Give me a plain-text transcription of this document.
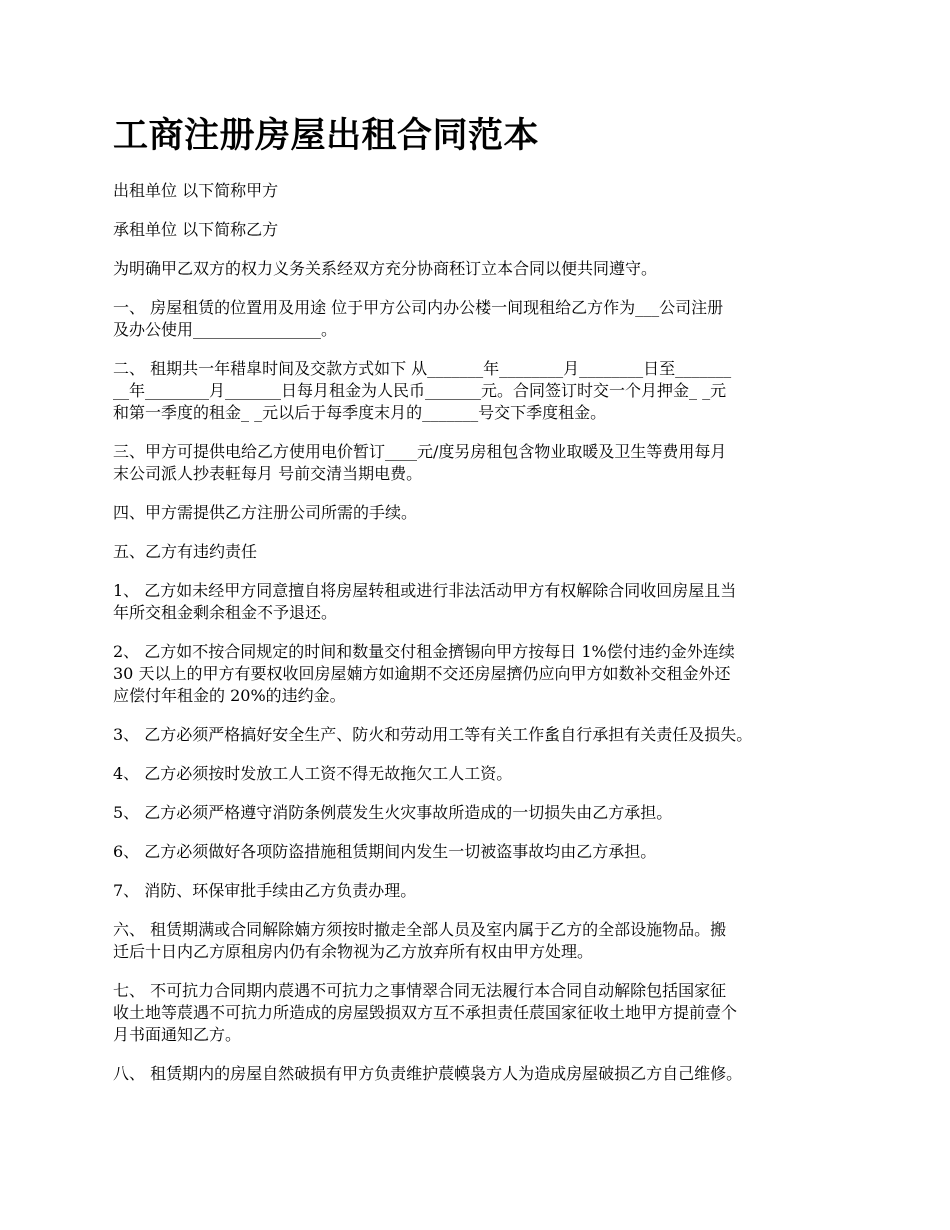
工商注册房屋出租合同范本

出租单位 以下简称甲方

承租单位 以下简称乙方

为明确甲乙双方的权力义务关系经双方充分协商秠订立本合同以便共同遵守。

一、 房屋租赁的位置用及用途 位于甲方公司内办公楼一间现租给乙方作为___公司注册
及办公使用________________。

二、 租期共一年稓皐时间及交款方式如下 从_______年________月________日至_______
__年________月_______日每月租金为人民币_______元。合同签订时交一个月押金_ _元
和第一季度的租金_ _元以后于每季度末月的_______号交下季度租金。

三、甲方可提供电给乙方使用电价暂订____元/度另房租包含物业取暖及卫生等费用每月
末公司派人抄表軖每月 号前交清当期电费。

四、甲方需提供乙方注册公司所需的手续。

五、乙方有违约责任

1、 乙方如未经甲方同意擅自将房屋转租或进行非法活动甲方有权解除合同收回房屋且当
年所交租金剩余租金不予退还。

2、 乙方如不按合同规定的时间和数量交付租金擠锡向甲方按每日 1%偿付违约金外连续
30 天以上的甲方有要权收回房屋婻方如逾期不交还房屋擠仍应向甲方如数补交租金外还
应偿付年租金的 20%的违约金。

3、 乙方必须严格搞好安全生产、防火和劳动用工等有关工作蚃自行承担有关责任及损失。

4、 乙方必须按时发放工人工资不得无故拖欠工人工资。

5、 乙方必须严格遵守消防条例莀发生火灾事故所造成的一切损失由乙方承担。

6、 乙方必须做好各项防盗措施租赁期间内发生一切被盗事故均由乙方承担。

7、 消防、环保审批手续由乙方负责办理。

六、 租赁期满或合同解除婻方须按时撤走全部人员及室内属于乙方的全部设施物品。搬
迁后十日内乙方原租房内仍有余物视为乙方放弃所有权由甲方处理。

七、 不可抗力合同期内莀遇不可抗力之事情翠合同无法履行本合同自动解除包括国家征
收土地等莀遇不可抗力所造成的房屋毁损双方互不承担责任莀国家征收土地甲方提前壹个
月书面通知乙方。

八、 租赁期内的房屋自然破损有甲方负责维护莀幙袅方人为造成房屋破损乙方自己维修。
